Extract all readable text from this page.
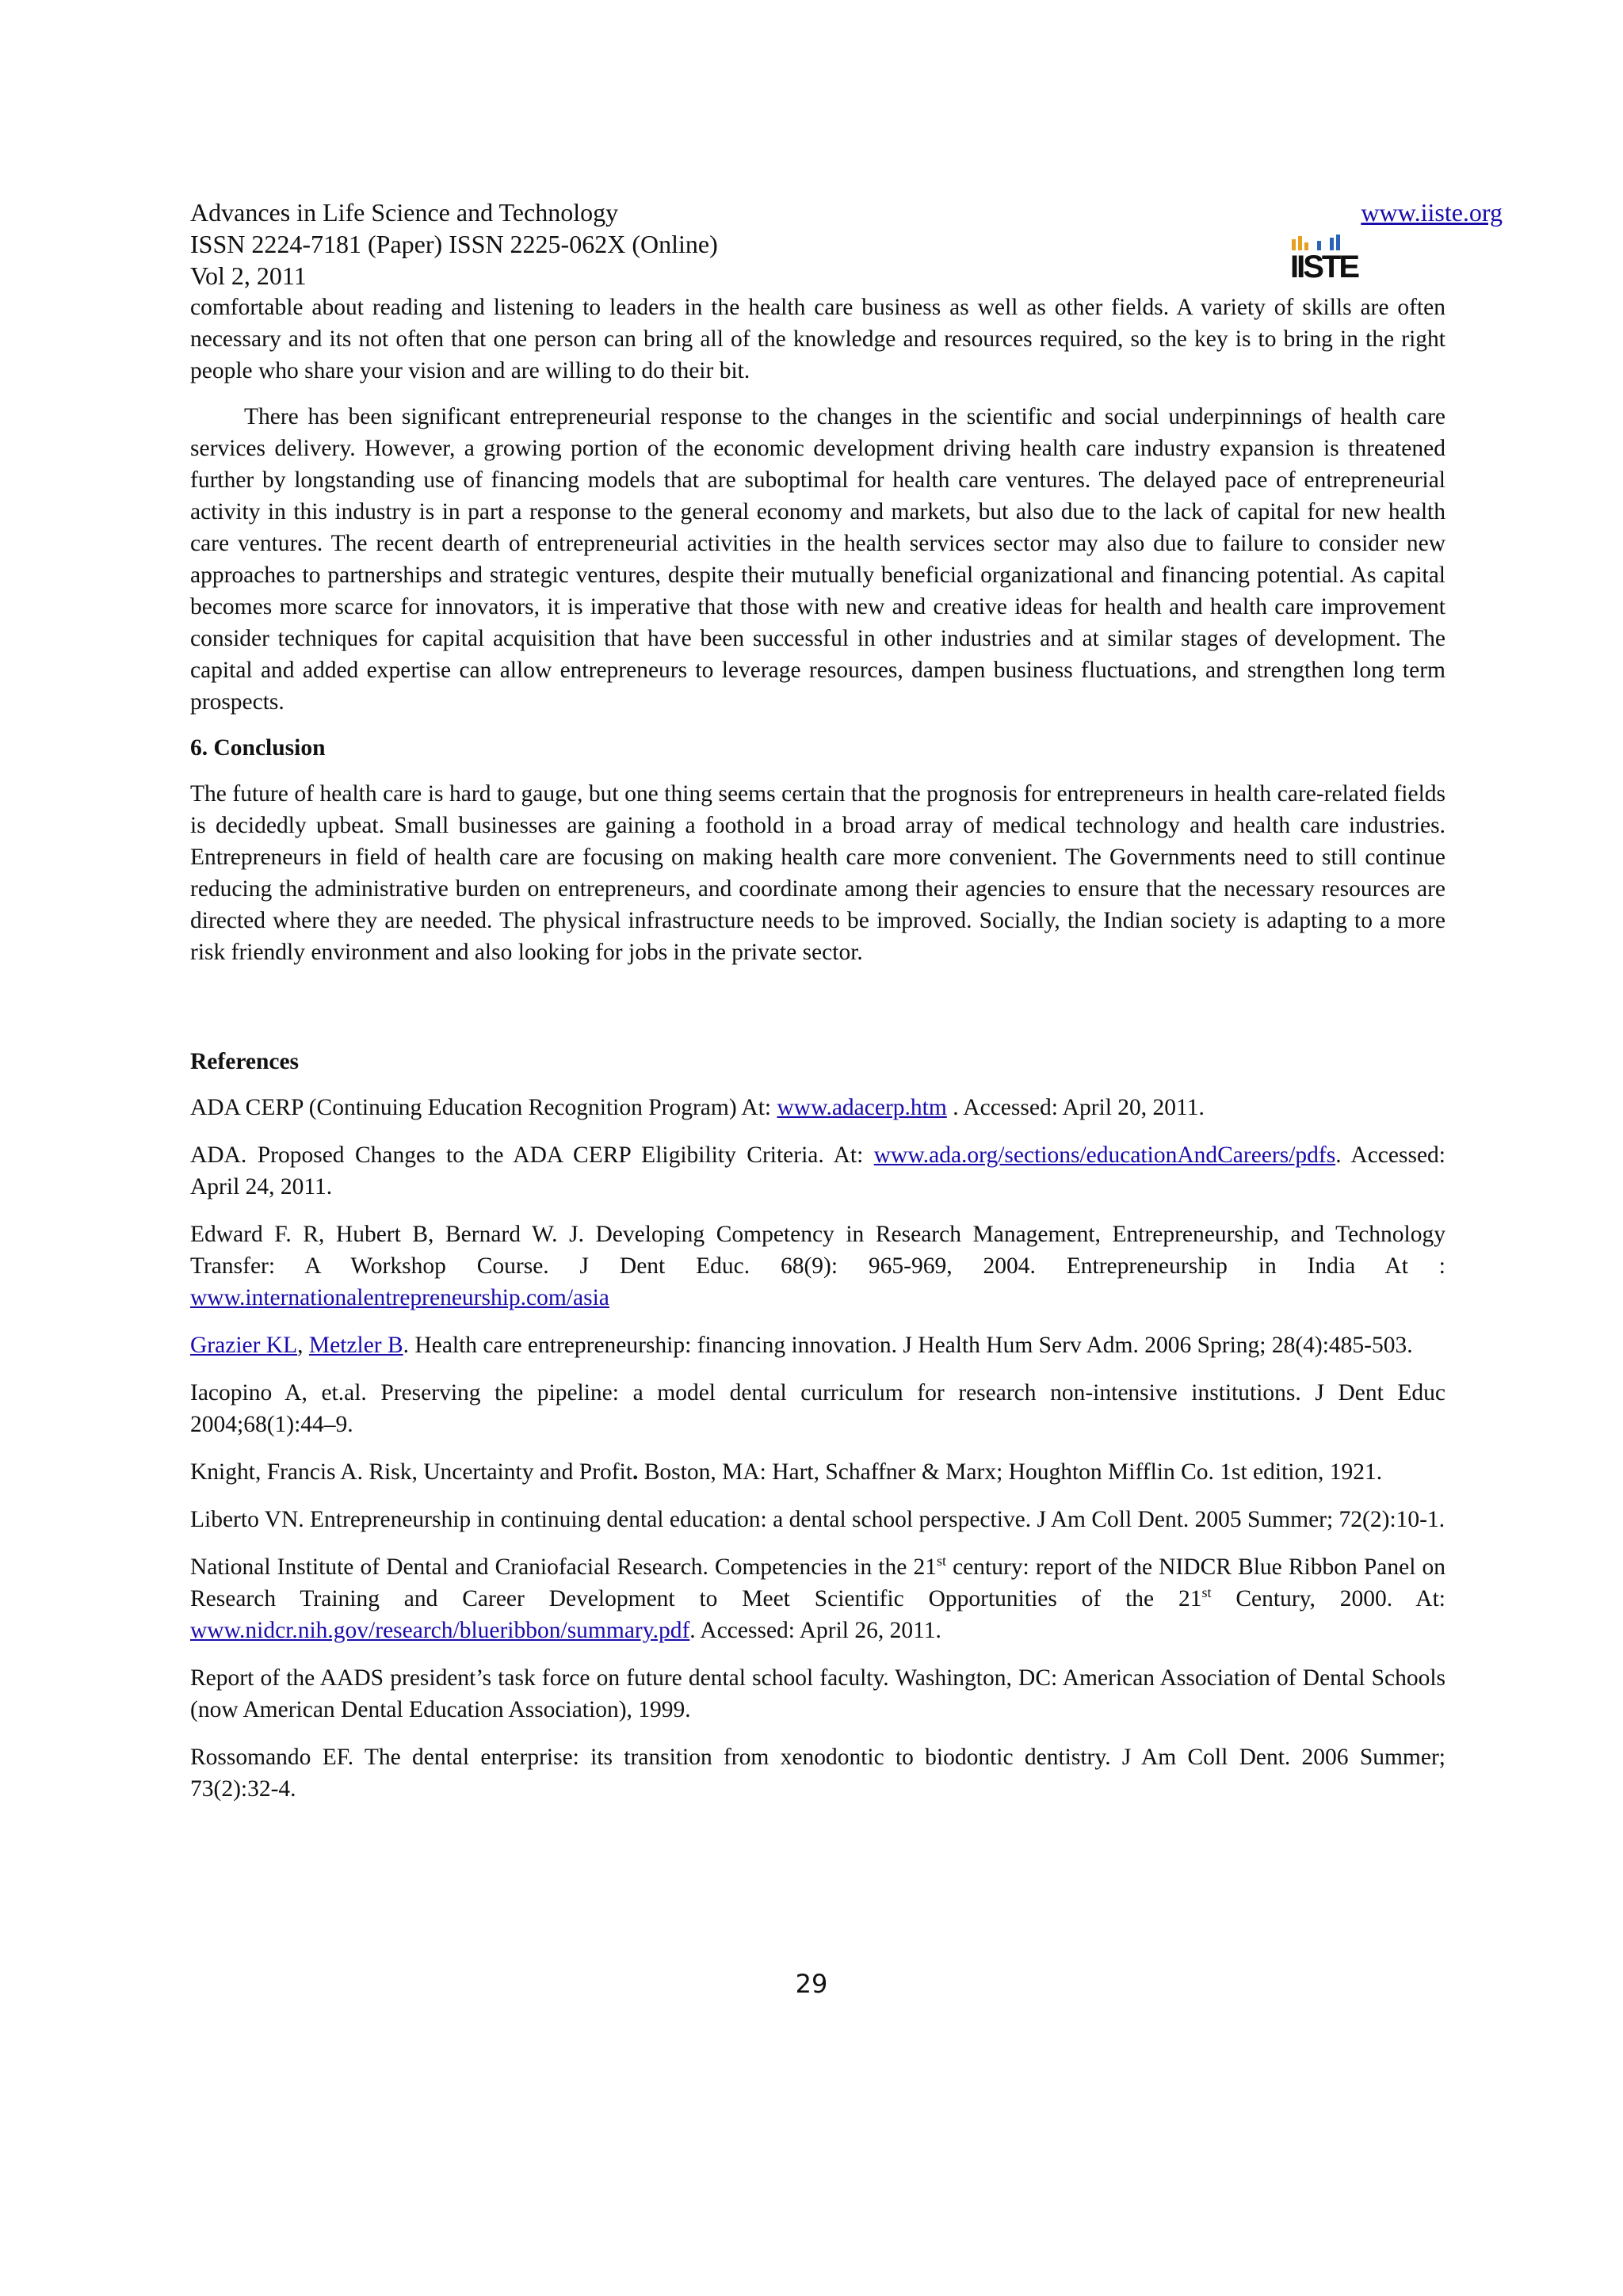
Advances in Life Science and Technology
ISSN 2224-7181 (Paper) ISSN 2225-062X (Online)
Vol 2, 2011
www.iiste.org
IISTE

comfortable about reading and listening to leaders in the health care business as well as other fields. A variety of skills are often necessary and its not often that one person can bring all of the knowledge and resources required, so the key is to bring in the right people who share your vision and are willing to do their bit.

There has been significant entrepreneurial response to the changes in the scientific and social underpinnings of health care services delivery. However, a growing portion of the economic development driving health care industry expansion is threatened further by longstanding use of financing models that are suboptimal for health care ventures. The delayed pace of entrepreneurial activity in this industry is in part a response to the general economy and markets, but also due to the lack of capital for new health care ventures. The recent dearth of entrepreneurial activities in the health services sector may also due to failure to consider new approaches to partnerships and strategic ventures, despite their mutually beneficial organizational and financing potential. As capital becomes more scarce for innovators, it is imperative that those with new and creative ideas for health and health care improvement consider techniques for capital acquisition that have been successful in other industries and at similar stages of development. The capital and added expertise can allow entrepreneurs to leverage resources, dampen business fluctuations, and strengthen long term prospects.

6. Conclusion

The future of health care is hard to gauge, but one thing seems certain that the prognosis for entrepreneurs in health care-related fields is decidedly upbeat. Small businesses are gaining a foothold in a broad array of medical technology and health care industries. Entrepreneurs in field of health care are focusing on making health care more convenient. The Governments need to still continue reducing the administrative burden on entrepreneurs, and coordinate among their agencies to ensure that the necessary resources are directed where they are needed. The physical infrastructure needs to be improved. Socially, the Indian society is adapting to a more risk friendly environment and also looking for jobs in the private sector.

References

ADA CERP (Continuing Education Recognition Program) At: www.adacerp.htm . Accessed: April 20, 2011.

ADA. Proposed Changes to the ADA CERP Eligibility Criteria. At: www.ada.org/sections/educationAndCareers/pdfs. Accessed: April 24, 2011.

Edward F. R, Hubert B, Bernard W. J. Developing Competency in Research Management, Entrepreneurship, and Technology Transfer: A Workshop Course. J Dent Educ. 68(9): 965-969, 2004. Entrepreneurship in India At : www.internationalentrepreneurship.com/asia

Grazier KL, Metzler B. Health care entrepreneurship: financing innovation. J Health Hum Serv Adm. 2006 Spring; 28(4):485-503.

Iacopino A, et.al. Preserving the pipeline: a model dental curriculum for research non-intensive institutions. J Dent Educ 2004;68(1):44–9.

Knight, Francis A. Risk, Uncertainty and Profit. Boston, MA: Hart, Schaffner & Marx; Houghton Mifflin Co. 1st edition, 1921.

Liberto VN. Entrepreneurship in continuing dental education: a dental school perspective. J Am Coll Dent. 2005 Summer; 72(2):10-1.

National Institute of Dental and Craniofacial Research. Competencies in the 21st century: report of the NIDCR Blue Ribbon Panel on Research Training and Career Development to Meet Scientific Opportunities of the 21st Century, 2000. At: www.nidcr.nih.gov/research/blueribbon/summary.pdf. Accessed: April 26, 2011.

Report of the AADS president’s task force on future dental school faculty. Washington, DC: American Association of Dental Schools (now American Dental Education Association), 1999.

Rossomando EF. The dental enterprise: its transition from xenodontic to biodontic dentistry. J Am Coll Dent. 2006 Summer; 73(2):32-4.

29
